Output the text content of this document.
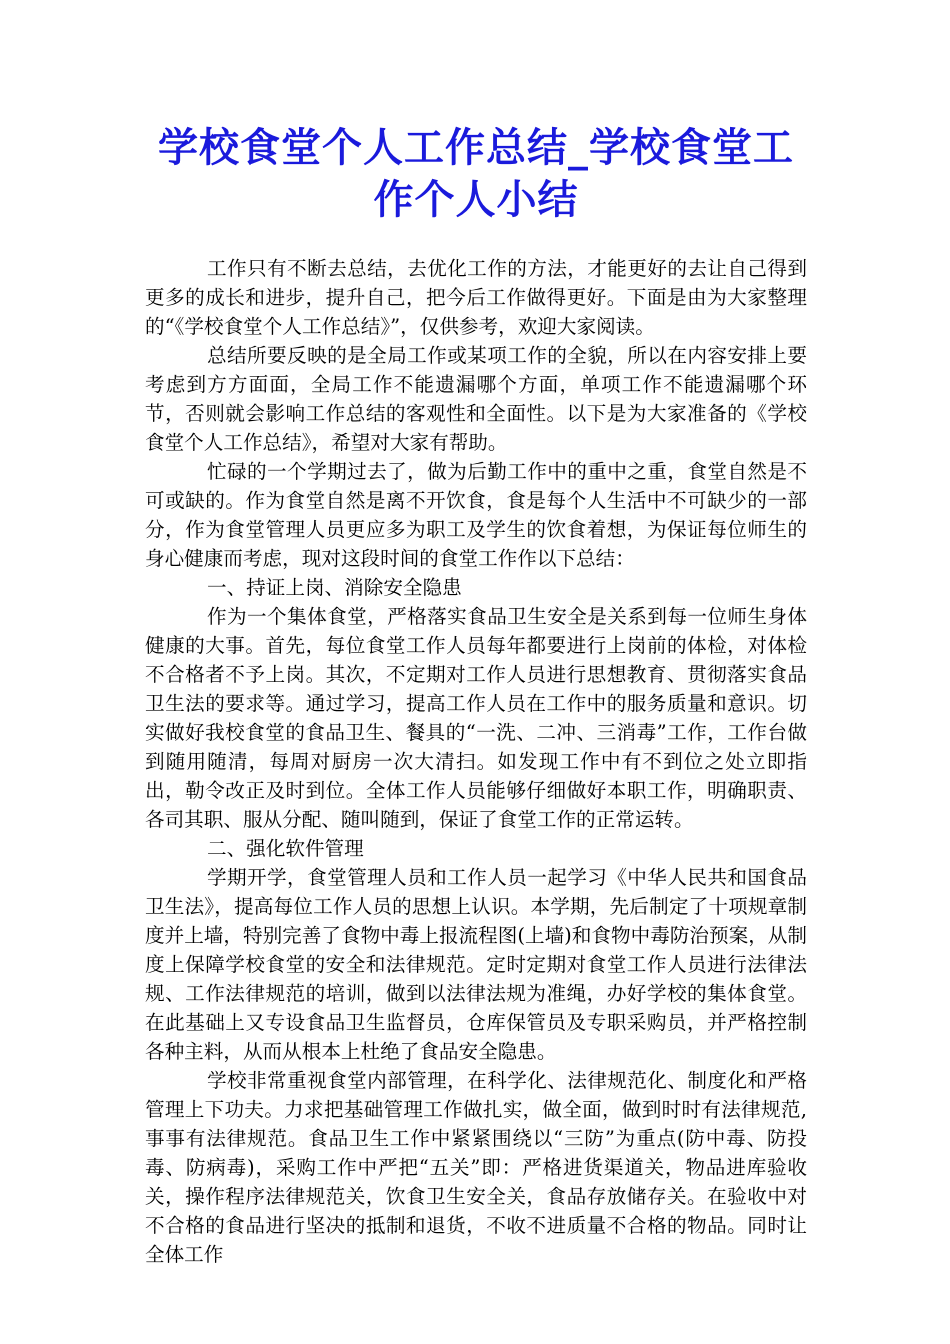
学校食堂个人工作总结_学校食堂工作个人小结

工作只有不断去总结，去优化工作的方法，才能更好的去让自己得到更多的成长和进步，提升自己，把今后工作做得更好。下面是由为大家整理的“《学校食堂个人工作总结》”，仅供参考，欢迎大家阅读。

总结所要反映的是全局工作或某项工作的全貌，所以在内容安排上要考虑到方方面面，全局工作不能遗漏哪个方面，单项工作不能遗漏哪个环节，否则就会影响工作总结的客观性和全面性。以下是为大家准备的《学校食堂个人工作总结》，希望对大家有帮助。

忙碌的一个学期过去了，做为后勤工作中的重中之重，食堂自然是不可或缺的。作为食堂自然是离不开饮食，食是每个人生活中不可缺少的一部分，作为食堂管理人员更应多为职工及学生的饮食着想，为保证每位师生的身心健康而考虑，现对这段时间的食堂工作作以下总结：

一、持证上岗、消除安全隐患

作为一个集体食堂，严格落实食品卫生安全是关系到每一位师生身体健康的大事。首先，每位食堂工作人员每年都要进行上岗前的体检，对体检不合格者不予上岗。其次，不定期对工作人员进行思想教育、贯彻落实食品卫生法的要求等。通过学习，提高工作人员在工作中的服务质量和意识。切实做好我校食堂的食品卫生、餐具的“一洗、二冲、三消毒”工作，工作台做到随用随清，每周对厨房一次大清扫。如发现工作中有不到位之处立即指出，勒令改正及时到位。全体工作人员能够仔细做好本职工作，明确职责、各司其职、服从分配、随叫随到，保证了食堂工作的正常运转。

二、强化软件管理

学期开学，食堂管理人员和工作人员一起学习《中华人民共和国食品卫生法》，提高每位工作人员的思想上认识。本学期，先后制定了十项规章制度并上墙，特别完善了食物中毒上报流程图(上墙)和食物中毒防治预案，从制度上保障学校食堂的安全和法律规范。定时定期对食堂工作人员进行法律法规、工作法律规范的培训，做到以法律法规为准绳，办好学校的集体食堂。在此基础上又专设食品卫生监督员，仓库保管员及专职采购员，并严格控制各种主料，从而从根本上杜绝了食品安全隐患。

学校非常重视食堂内部管理，在科学化、法律规范化、制度化和严格管理上下功夫。力求把基础管理工作做扎实，做全面，做到时时有法律规范,事事有法律规范。食品卫生工作中紧紧围绕以“三防”为重点(防中毒、防投毒、防病毒)，采购工作中严把“五关”即：严格进货渠道关，物品进库验收关，操作程序法律规范关，饮食卫生安全关，食品存放储存关。在验收中对不合格的食品进行坚决的抵制和退货，不收不进质量不合格的物品。同时让全体工作
